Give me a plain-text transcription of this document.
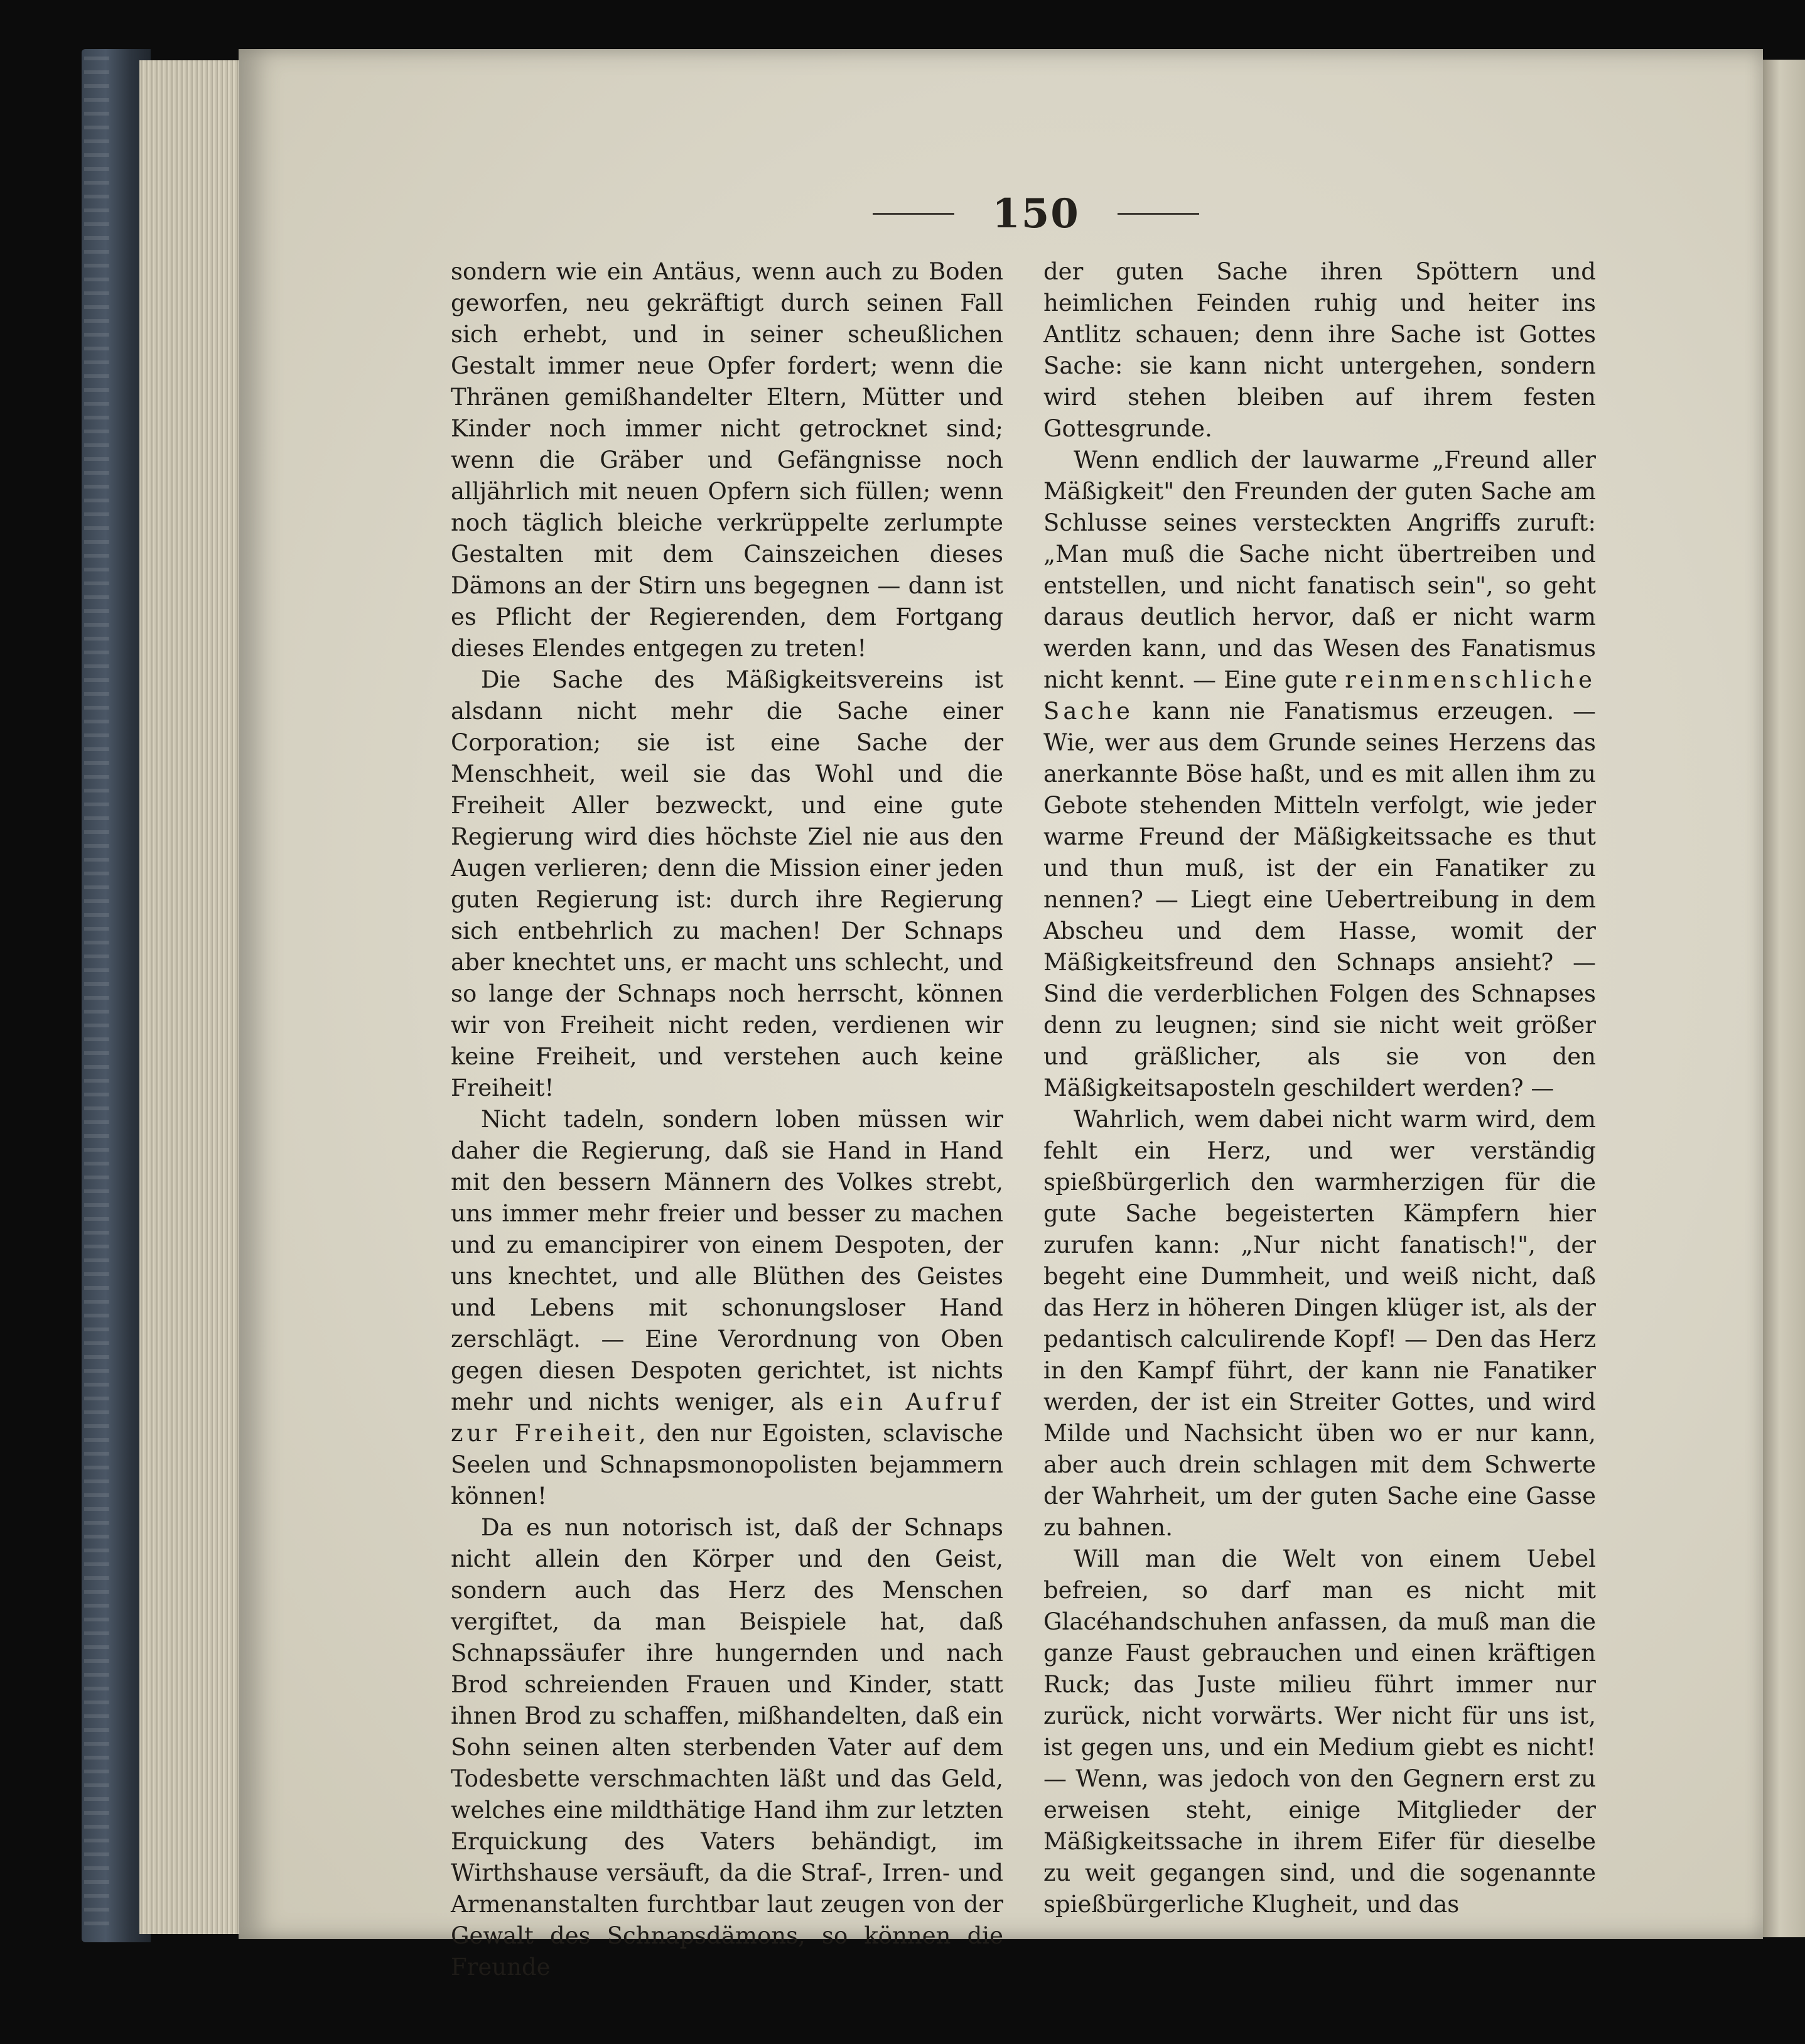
150

sondern wie ein Antäus, wenn auch zu Boden geworfen, neu gekräftigt durch seinen Fall sich erhebt, und in seiner scheußlichen Gestalt immer neue Opfer fordert; wenn die Thränen gemißhandelter Eltern, Mütter und Kinder noch immer nicht getrocknet sind; wenn die Gräber und Gefängnisse noch alljährlich mit neuen Opfern sich füllen; wenn noch täglich bleiche verkrüppelte zerlumpte Gestalten mit dem Cainszeichen dieses Dämons an der Stirn uns begegnen — dann ist es Pflicht der Regierenden, dem Fortgang dieses Elendes entgegen zu treten!

Die Sache des Mäßigkeitsvereins ist alsdann nicht mehr die Sache einer Corporation; sie ist eine Sache der Menschheit, weil sie das Wohl und die Freiheit Aller bezweckt, und eine gute Regierung wird dies höchste Ziel nie aus den Augen verlieren; denn die Mission einer jeden guten Regierung ist: durch ihre Regierung sich entbehrlich zu machen! Der Schnaps aber knechtet uns, er macht uns schlecht, und so lange der Schnaps noch herrscht, können wir von Freiheit nicht reden, verdienen wir keine Freiheit, und verstehen auch keine Freiheit!

Nicht tadeln, sondern loben müssen wir daher die Regierung, daß sie Hand in Hand mit den bessern Männern des Volkes strebt, uns immer mehr freier und besser zu machen und zu emancipirer von einem Despoten, der uns knechtet, und alle Blüthen des Geistes und Lebens mit schonungsloser Hand zerschlägt. — Eine Verordnung von Oben gegen diesen Despoten gerichtet, ist nichts mehr und nichts weniger, als ein Aufruf zur Freiheit, den nur Egoisten, sclavische Seelen und Schnapsmonopolisten bejammern können!

Da es nun notorisch ist, daß der Schnaps nicht allein den Körper und den Geist, sondern auch das Herz des Menschen vergiftet, da man Beispiele hat, daß Schnapssäufer ihre hungernden und nach Brod schreienden Frauen und Kinder, statt ihnen Brod zu schaffen, mißhandelten, daß ein Sohn seinen alten sterbenden Vater auf dem Todesbette verschmachten läßt und das Geld, welches eine mildthätige Hand ihm zur letzten Erquickung des Vaters behändigt, im Wirthshause versäuft, da die Straf-, Irren- und Armenanstalten furchtbar laut zeugen von der Gewalt des Schnapsdämons, so können die Freunde

der guten Sache ihren Spöttern und heimlichen Feinden ruhig und heiter ins Antlitz schauen; denn ihre Sache ist Gottes Sache: sie kann nicht untergehen, sondern wird stehen bleiben auf ihrem festen Gottesgrunde.

Wenn endlich der lauwarme „Freund aller Mäßigkeit" den Freunden der guten Sache am Schlusse seines versteckten Angriffs zuruft: „Man muß die Sache nicht übertreiben und entstellen, und nicht fanatisch sein", so geht daraus deutlich hervor, daß er nicht warm werden kann, und das Wesen des Fanatismus nicht kennt. — Eine gute reinmenschliche Sache kann nie Fanatismus erzeugen. — Wie, wer aus dem Grunde seines Herzens das anerkannte Böse haßt, und es mit allen ihm zu Gebote stehenden Mitteln verfolgt, wie jeder warme Freund der Mäßigkeitssache es thut und thun muß, ist der ein Fanatiker zu nennen? — Liegt eine Uebertreibung in dem Abscheu und dem Hasse, womit der Mäßigkeitsfreund den Schnaps ansieht? — Sind die verderblichen Folgen des Schnapses denn zu leugnen; sind sie nicht weit größer und gräßlicher, als sie von den Mäßigkeitsaposteln geschildert werden? —

Wahrlich, wem dabei nicht warm wird, dem fehlt ein Herz, und wer verständig spießbürgerlich den warmherzigen für die gute Sache begeisterten Kämpfern hier zurufen kann: „Nur nicht fanatisch!", der begeht eine Dummheit, und weiß nicht, daß das Herz in höheren Dingen klüger ist, als der pedantisch calculirende Kopf! — Den das Herz in den Kampf führt, der kann nie Fanatiker werden, der ist ein Streiter Gottes, und wird Milde und Nachsicht üben wo er nur kann, aber auch drein schlagen mit dem Schwerte der Wahrheit, um der guten Sache eine Gasse zu bahnen.

Will man die Welt von einem Uebel befreien, so darf man es nicht mit Glacéhandschuhen anfassen, da muß man die ganze Faust gebrauchen und einen kräftigen Ruck; das Juste milieu führt immer nur zurück, nicht vorwärts. Wer nicht für uns ist, ist gegen uns, und ein Medium giebt es nicht! — Wenn, was jedoch von den Gegnern erst zu erweisen steht, einige Mitglieder der Mäßigkeitssache in ihrem Eifer für dieselbe zu weit gegangen sind, und die sogenannte spießbürgerliche Klugheit, und das
